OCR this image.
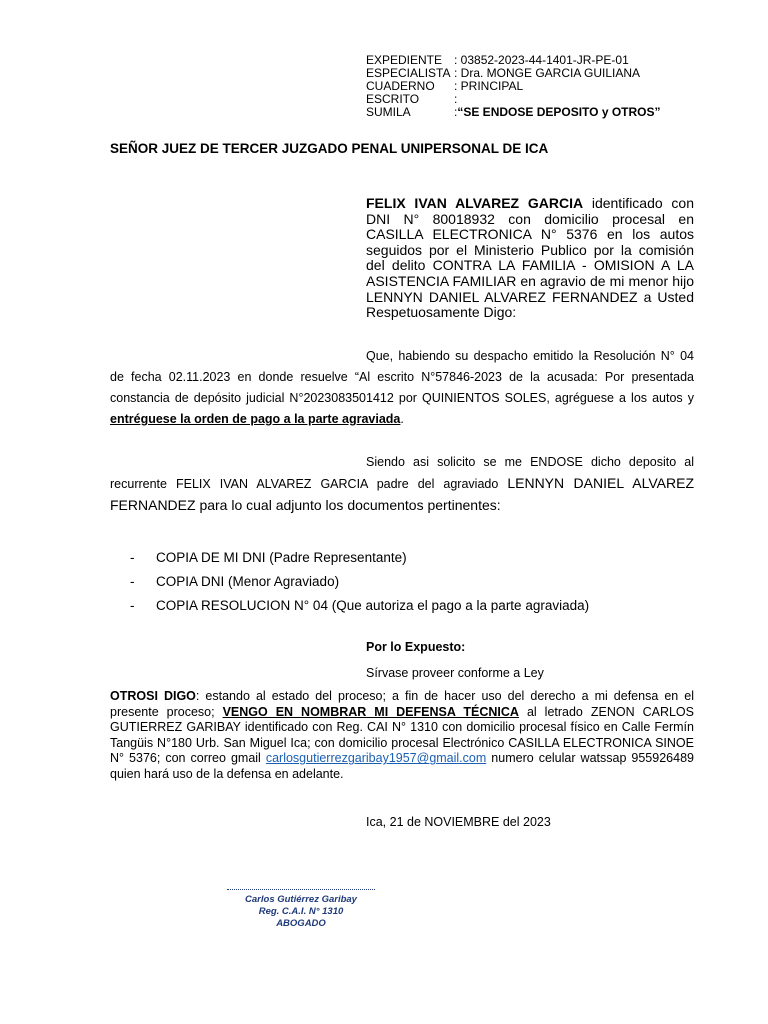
EXPEDIENTE : 03852-2023-44-1401-JR-PE-01
ESPECIALISTA : Dra. MONGE GARCIA GUILIANA
CUADERNO	: PRINCIPAL
ESCRITO	:
SUMILA	: “SE ENDOSE DEPOSITO y OTROS”
SEÑOR JUEZ DE TERCER JUZGADO PENAL UNIPERSONAL DE ICA
FELIX IVAN ALVAREZ GARCIA identificado con DNI N° 80018932 con domicilio procesal en CASILLA ELECTRONICA N° 5376 en los autos seguidos por el Ministerio Publico por la comisión del delito CONTRA LA FAMILIA - OMISION A LA ASISTENCIA FAMILIAR en agravio de mi menor hijo LENNYN DANIEL ALVAREZ FERNANDEZ a Usted Respetuosamente Digo:
Que, habiendo su despacho emitido la Resolución N° 04 de fecha 02.11.2023 en donde resuelve “Al escrito N°57846-2023 de la acusada: Por presentada constancia de depósito judicial N°2023083501412 por QUINIENTOS SOLES, agréguese a los autos y entréguese la orden de pago a la parte agraviada.
Siendo asi solicito se me ENDOSE dicho deposito al recurrente FELIX IVAN ALVAREZ GARCIA padre del agraviado LENNYN DANIEL ALVAREZ FERNANDEZ para lo cual adjunto los documentos pertinentes:
-	COPIA DE MI DNI (Padre Representante)
-	COPIA DNI (Menor Agraviado)
-	COPIA RESOLUCION N° 04 (Que autoriza el pago a la parte agraviada)
Por lo Expuesto:
Sírvase proveer conforme a Ley
OTROSI DIGO: estando al estado del proceso; a fin de hacer uso del derecho a mi defensa en el presente proceso; VENGO EN NOMBRAR MI DEFENSA TÉCNICA al letrado ZENON CARLOS GUTIERREZ GARIBAY identificado con Reg. CAI N° 1310 con domicilio procesal físico en Calle Fermín Tangüis N°180 Urb. San Miguel Ica; con domicilio procesal Electrónico CASILLA ELECTRONICA SINOE N° 5376; con correo gmail carlosgutierrezgaribay1957@gmail.com numero celular watssap 955926489 quien hará uso de la defensa en adelante.
Ica, 21 de NOVIEMBRE del 2023
Carlos Gutiérrez Garibay
Reg. C.A.I. N° 1310
ABOGADO
